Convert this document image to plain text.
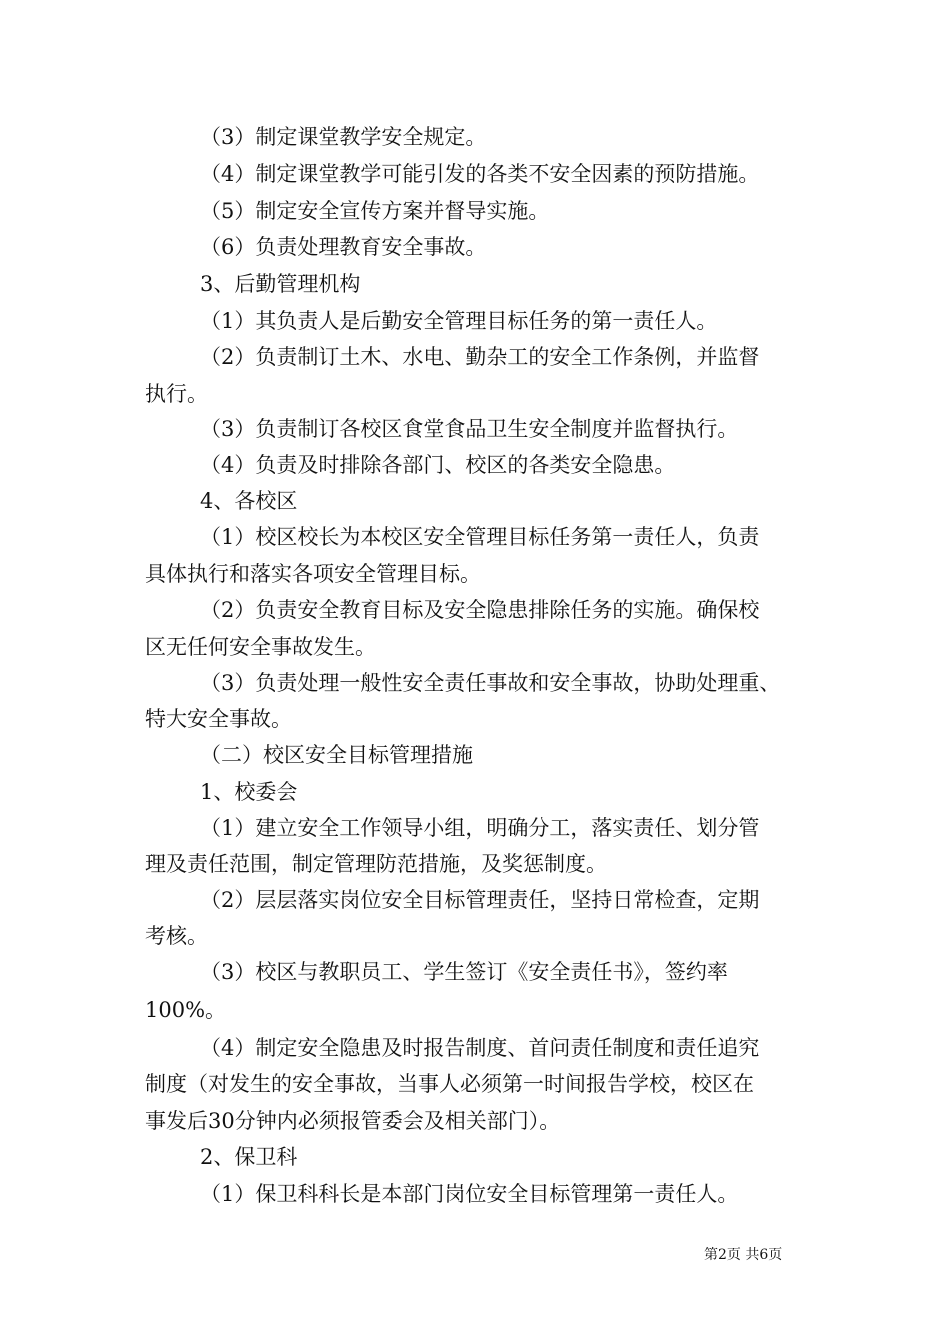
（3）制定课堂教学安全规定。
（4）制定课堂教学可能引发的各类不安全因素的预防措施。
（5）制定安全宣传方案并督导实施。
（6）负责处理教育安全事故。
3、后勤管理机构
（1）其负责人是后勤安全管理目标任务的第一责任人。
（2）负责制订土木、水电、勤杂工的安全工作条例，并监督
执行。
（3）负责制订各校区食堂食品卫生安全制度并监督执行。
（4）负责及时排除各部门、校区的各类安全隐患。
4、各校区
（1）校区校长为本校区安全管理目标任务第一责任人，负责
具体执行和落实各项安全管理目标。
（2）负责安全教育目标及安全隐患排除任务的实施。确保校
区无任何安全事故发生。
（3）负责处理一般性安全责任事故和安全事故，协助处理重、
特大安全事故。
（二）校区安全目标管理措施
1、校委会
（1）建立安全工作领导小组，明确分工，落实责任、划分管
理及责任范围，制定管理防范措施，及奖惩制度。
（2）层层落实岗位安全目标管理责任，坚持日常检查，定期
考核。
（3）校区与教职员工、学生签订《安全责任书》，签约率
100%。
（4）制定安全隐患及时报告制度、首问责任制度和责任追究
制度（对发生的安全事故，当事人必须第一时间报告学校，校区在
事发后30分钟内必须报管委会及相关部门）。
2、保卫科
（1）保卫科科长是本部门岗位安全目标管理第一责任人。
第2页 共6页
